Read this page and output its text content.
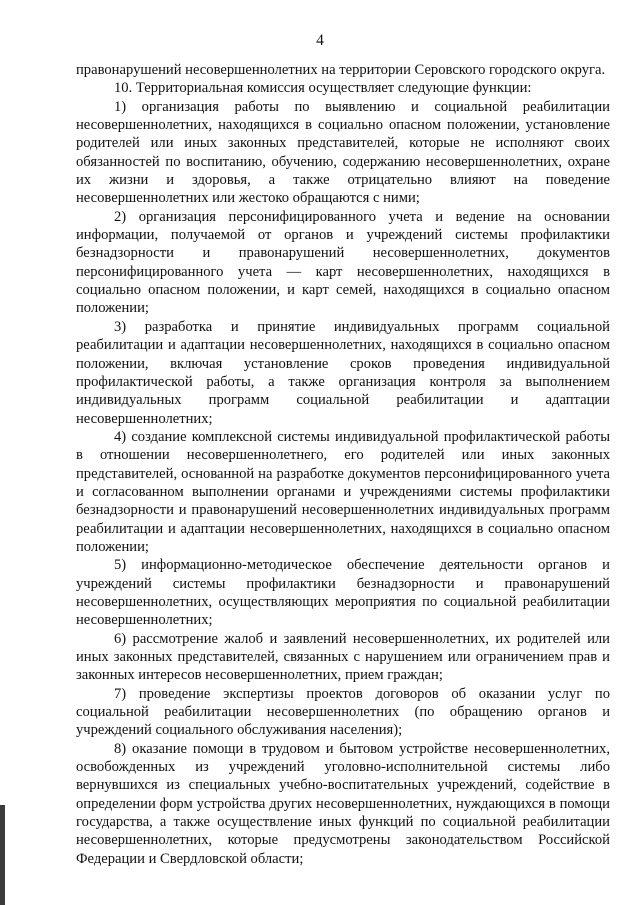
4

правонарушений несовершеннолетних на территории Серовского городского округа.

10. Территориальная комиссия осуществляет следующие функции:

1) организация работы по выявлению и социальной реабилитации несовершеннолетних, находящихся в социально опасном положении, установление родителей или иных законных представителей, которые не исполняют своих обязанностей по воспитанию, обучению, содержанию несовершеннолетних, охране их жизни и здоровья, а также отрицательно влияют на поведение несовершеннолетних или жестоко обращаются с ними;

2) организация персонифицированного учета и ведение на основании информации, получаемой от органов и учреждений системы профилактики безнадзорности и правонарушений несовершеннолетних, документов персонифицированного учета — карт несовершеннолетних, находящихся в социально опасном положении, и карт семей, находящихся в социально опасном положении;

3) разработка и принятие индивидуальных программ социальной реабилитации и адаптации несовершеннолетних, находящихся в социально опасном положении, включая установление сроков проведения индивидуальной профилактической работы, а также организация контроля за выполнением индивидуальных программ социальной реабилитации и адаптации несовершеннолетних;

4) создание комплексной системы индивидуальной профилактической работы в отношении несовершеннолетнего, его родителей или иных законных представителей, основанной на разработке документов персонифицированного учета и согласованном выполнении органами и учреждениями системы профилактики безнадзорности и правонарушений несовершеннолетних индивидуальных программ реабилитации и адаптации несовершеннолетних, находящихся в социально опасном положении;

5) информационно-методическое обеспечение деятельности органов и учреждений системы профилактики безнадзорности и правонарушений несовершеннолетних, осуществляющих мероприятия по социальной реабилитации несовершеннолетних;

6) рассмотрение жалоб и заявлений несовершеннолетних, их родителей или иных законных представителей, связанных с нарушением или ограничением прав и законных интересов несовершеннолетних, прием граждан;

7) проведение экспертизы проектов договоров об оказании услуг по социальной реабилитации несовершеннолетних (по обращению органов и учреждений социального обслуживания населения);

8) оказание помощи в трудовом и бытовом устройстве несовершеннолетних, освобожденных из учреждений уголовно-исполнительной системы либо вернувшихся из специальных учебно-воспитательных учреждений, содействие в определении форм устройства других несовершеннолетних, нуждающихся в помощи государства, а также осуществление иных функций по социальной реабилитации несовершеннолетних, которые предусмотрены законодательством Российской Федерации и Свердловской области;
